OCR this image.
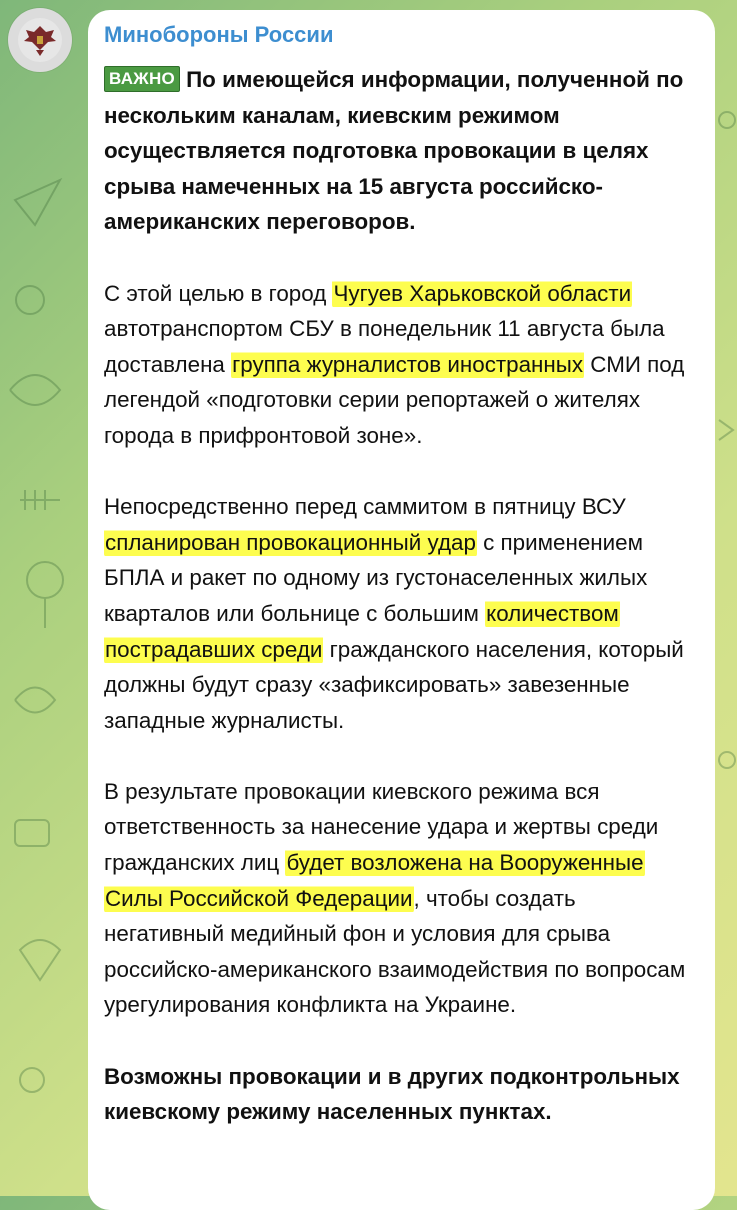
Минобороны России

ВАЖНО По имеющейся информации, полученной по нескольким каналам, киевским режимом осуществляется подготовка провокации в целях срыва намеченных на 15 августа российско-американских переговоров.

С этой целью в город Чугуев Харьковской области автотранспортом СБУ в понедельник 11 августа была доставлена группа журналистов иностранных СМИ под легендой «подготовки серии репортажей о жителях города в прифронтовой зоне».

Непосредственно перед саммитом в пятницу ВСУ спланирован провокационный удар с применением БПЛА и ракет по одному из густонаселенных жилых кварталов или больнице с большим количеством пострадавших среди гражданского населения, который должны будут сразу «зафиксировать» завезенные западные журналисты.

В результате провокации киевского режима вся ответственность за нанесение удара и жертвы среди гражданских лиц будет возложена на Вооруженные Силы Российской Федерации, чтобы создать негативный медийный фон и условия для срыва российско-американского взаимодействия по вопросам урегулирования конфликта на Украине.

Возможны провокации и в других подконтрольных киевскому режиму населенных пунктах.
